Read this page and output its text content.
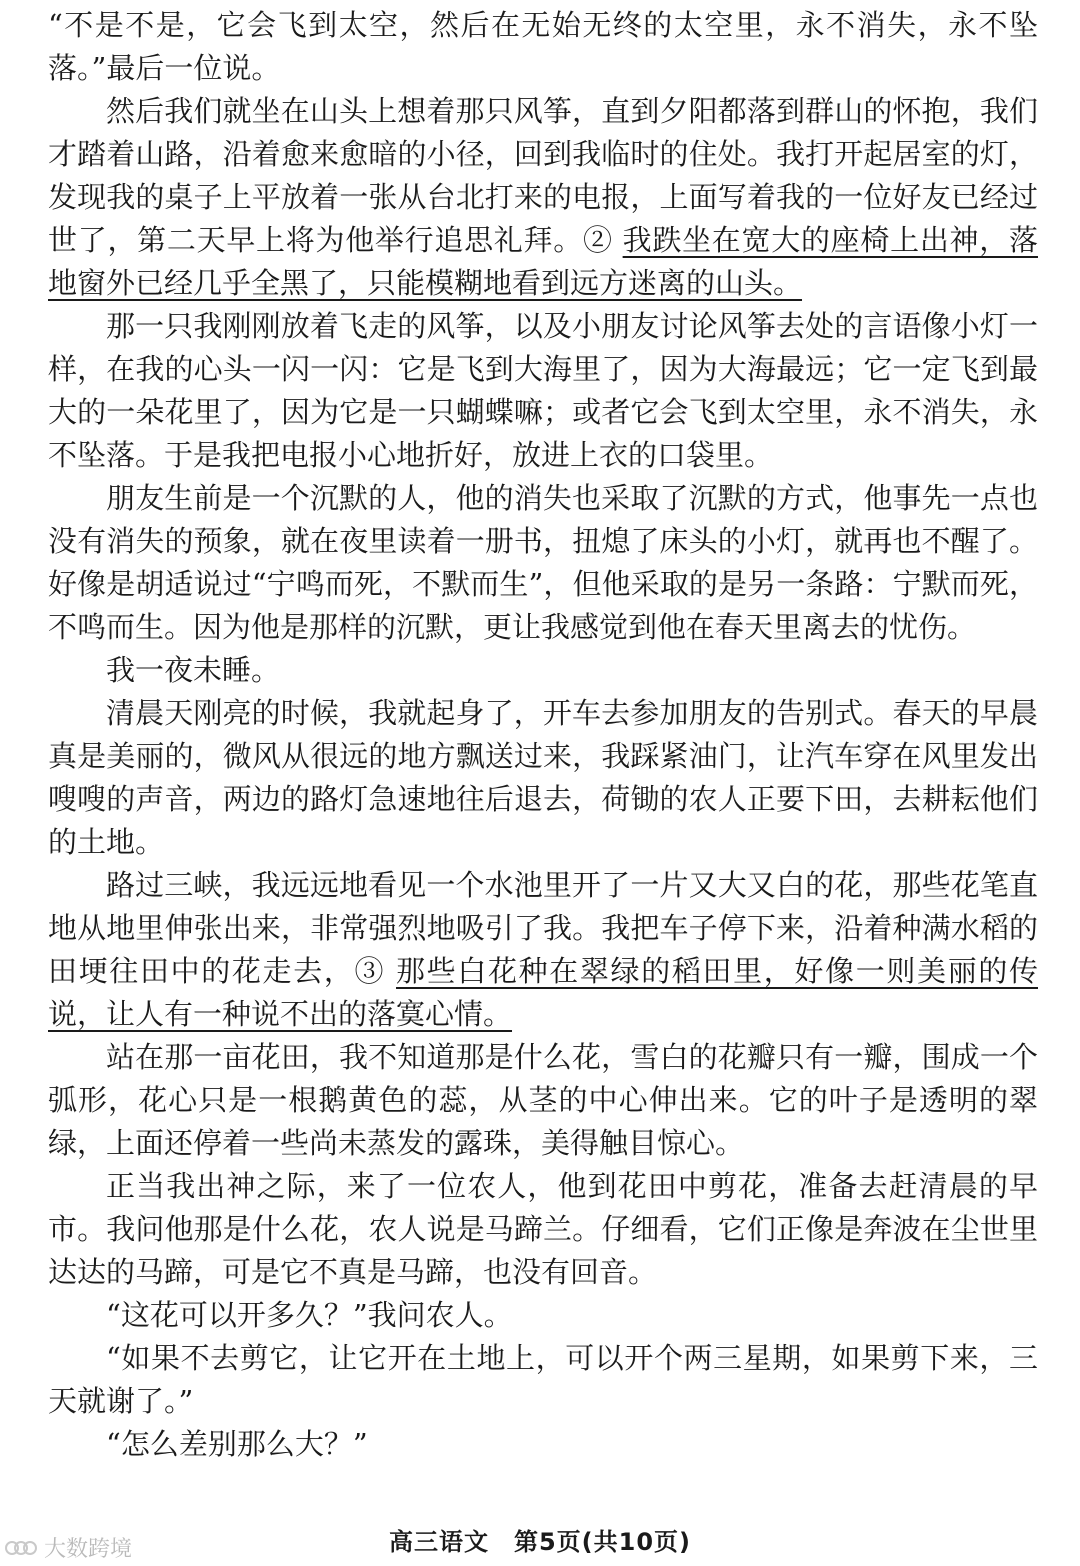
“不是不是，它会飞到太空，然后在无始无终的太空里，永不消失，永不坠落。”最后一位说。

然后我们就坐在山头上想着那只风筝，直到夕阳都落到群山的怀抱，我们才踏着山路，沿着愈来愈暗的小径，回到我临时的住处。我打开起居室的灯，发现我的桌子上平放着一张从台北打来的电报，上面写着我的一位好友已经过世了，第二天早上将为他举行追思礼拜。② 我跌坐在宽大的座椅上出神，落地窗外已经几乎全黑了，只能模糊地看到远方迷离的山头。

那一只我刚刚放着飞走的风筝，以及小朋友讨论风筝去处的言语像小灯一样，在我的心头一闪一闪：它是飞到大海里了，因为大海最远；它一定飞到最大的一朵花里了，因为它是一只蝴蝶嘛；或者它会飞到太空里，永不消失，永不坠落。于是我把电报小心地折好，放进上衣的口袋里。

朋友生前是一个沉默的人，他的消失也采取了沉默的方式，他事先一点也没有消失的预象，就在夜里读着一册书，扭熄了床头的小灯，就再也不醒了。好像是胡适说过“宁鸣而死，不默而生”，但他采取的是另一条路：宁默而死，不鸣而生。因为他是那样的沉默，更让我感觉到他在春天里离去的忧伤。

我一夜未睡。

清晨天刚亮的时候，我就起身了，开车去参加朋友的告别式。春天的早晨真是美丽的，微风从很远的地方飘送过来，我踩紧油门，让汽车穿在风里发出嗖嗖的声音，两边的路灯急速地往后退去，荷锄的农人正要下田，去耕耘他们的土地。

路过三峡，我远远地看见一个水池里开了一片又大又白的花，那些花笔直地从地里伸张出来，非常强烈地吸引了我。我把车子停下来，沿着种满水稻的田埂往田中的花走去，③ 那些白花种在翠绿的稻田里，好像一则美丽的传说，让人有一种说不出的落寞心情。

站在那一亩花田，我不知道那是什么花，雪白的花瓣只有一瓣，围成一个弧形，花心只是一根鹅黄色的蕊，从茎的中心伸出来。它的叶子是透明的翠绿，上面还停着一些尚未蒸发的露珠，美得触目惊心。

正当我出神之际，来了一位农人，他到花田中剪花，准备去赶清晨的早市。我问他那是什么花，农人说是马蹄兰。仔细看，它们正像是奔波在尘世里达达的马蹄，可是它不真是马蹄，也没有回音。

“这花可以开多久？”我问农人。

“如果不去剪它，让它开在土地上，可以开个两三星期，如果剪下来，三天就谢了。”

“怎么差别那么大？”

高三语文　第5页(共10页)
大数跨境
